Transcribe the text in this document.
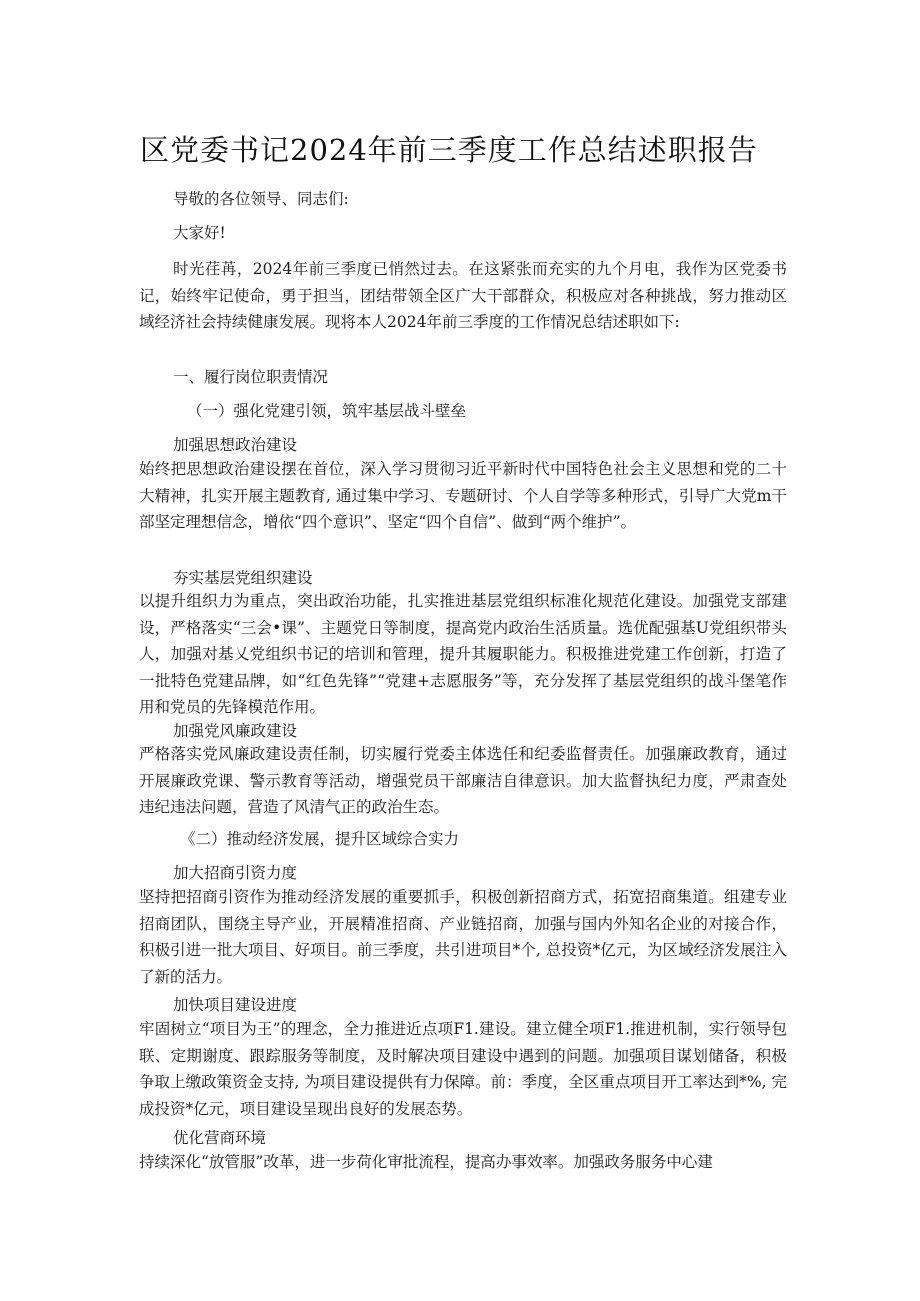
区党委书记2024年前三季度工作总结述职报告
导敬的各位领导、同志们:
大家好!
时光荏苒，2024年前三季度已悄然过去。在这紧张而充实的九个月电，我作为区党委书记，始终牢记使命，勇于担当，团结带领全区广大干部群众，积极应对各种挑战，努力推动区域经济社会持续健康发展。现将本人2024年前三季度的工作情况总结述职如下:
一、履行岗位职责情况
（一）强化党建引领，筑牢基层战斗壁垒
加强思想政治建设
始终把思想政治建设摆在首位，深入学习贯彻习近平新时代中国特色社会主义思想和党的二十大精神，扎实开展主题教育, 通过集中学习、专题研讨、个人自学等多种形式，引导广大党m干部坚定理想信念，增依“四个意识”、坚定“四个自信”、做到“两个维护”。
夯实基层党组织建设
以提升组织力为重点，突出政治功能，扎实推进基层党组织标准化规范化建设。加强党支部建设，严格落实“三会•课”、主题党日等制度，提高党内政治生活质量。选优配强基U党组织带头人，加强对基乂党组织书记的培训和管理，提升其履职能力。积极推进党建工作创新，打造了一批特色党建品牌，如“红色先锋”“党建+志愿服务”等，充分发挥了基层党组织的战斗堡笔作用和党员的先锋模范作用。
加强党风廉政建设
严格落实党风廉政建设责任制，切实履行党委主体选任和纪委监督责任。加强廉政教育，通过开展廉政党课、警示教育等活动，增强党员干部廉洁自律意识。加大监督执纪力度，严肃查处违纪违法问题，营造了风清气正的政治生态。
《二）推动经济发展，提升区域综合实力
加大招商引资力度
坚持把招商引资作为推动经济发展的重要抓手，积极创新招商方式，拓宽招商集道。组建专业招商团队，围绕主导产业，开展精准招商、产业链招商，加强与国内外知名企业的对接合作，积极引进一批大项目、好项目。前三季度，共引进项目*个, 总投资*亿元，为区域经济发展注入了新的活力。
加快项目建设进度
牢固树立“项目为王”的理念，全力推进近点项F1.建设。建立健全项F1.推进机制，实行领导包联、定期谢度、跟踪服务等制度，及时解决项目建设中遇到的问题。加强项目谋划储备，积极争取上缴政策资金支持, 为项目建设提供有力保障。前：季度，全区重点项目开工率达到*%, 完成投资*亿元，项目建设呈现出良好的发展态势。
优化营商环境
持续深化“放管服”改革，进一步荷化审批流程，提高办事效率。加强政务服务中心建
